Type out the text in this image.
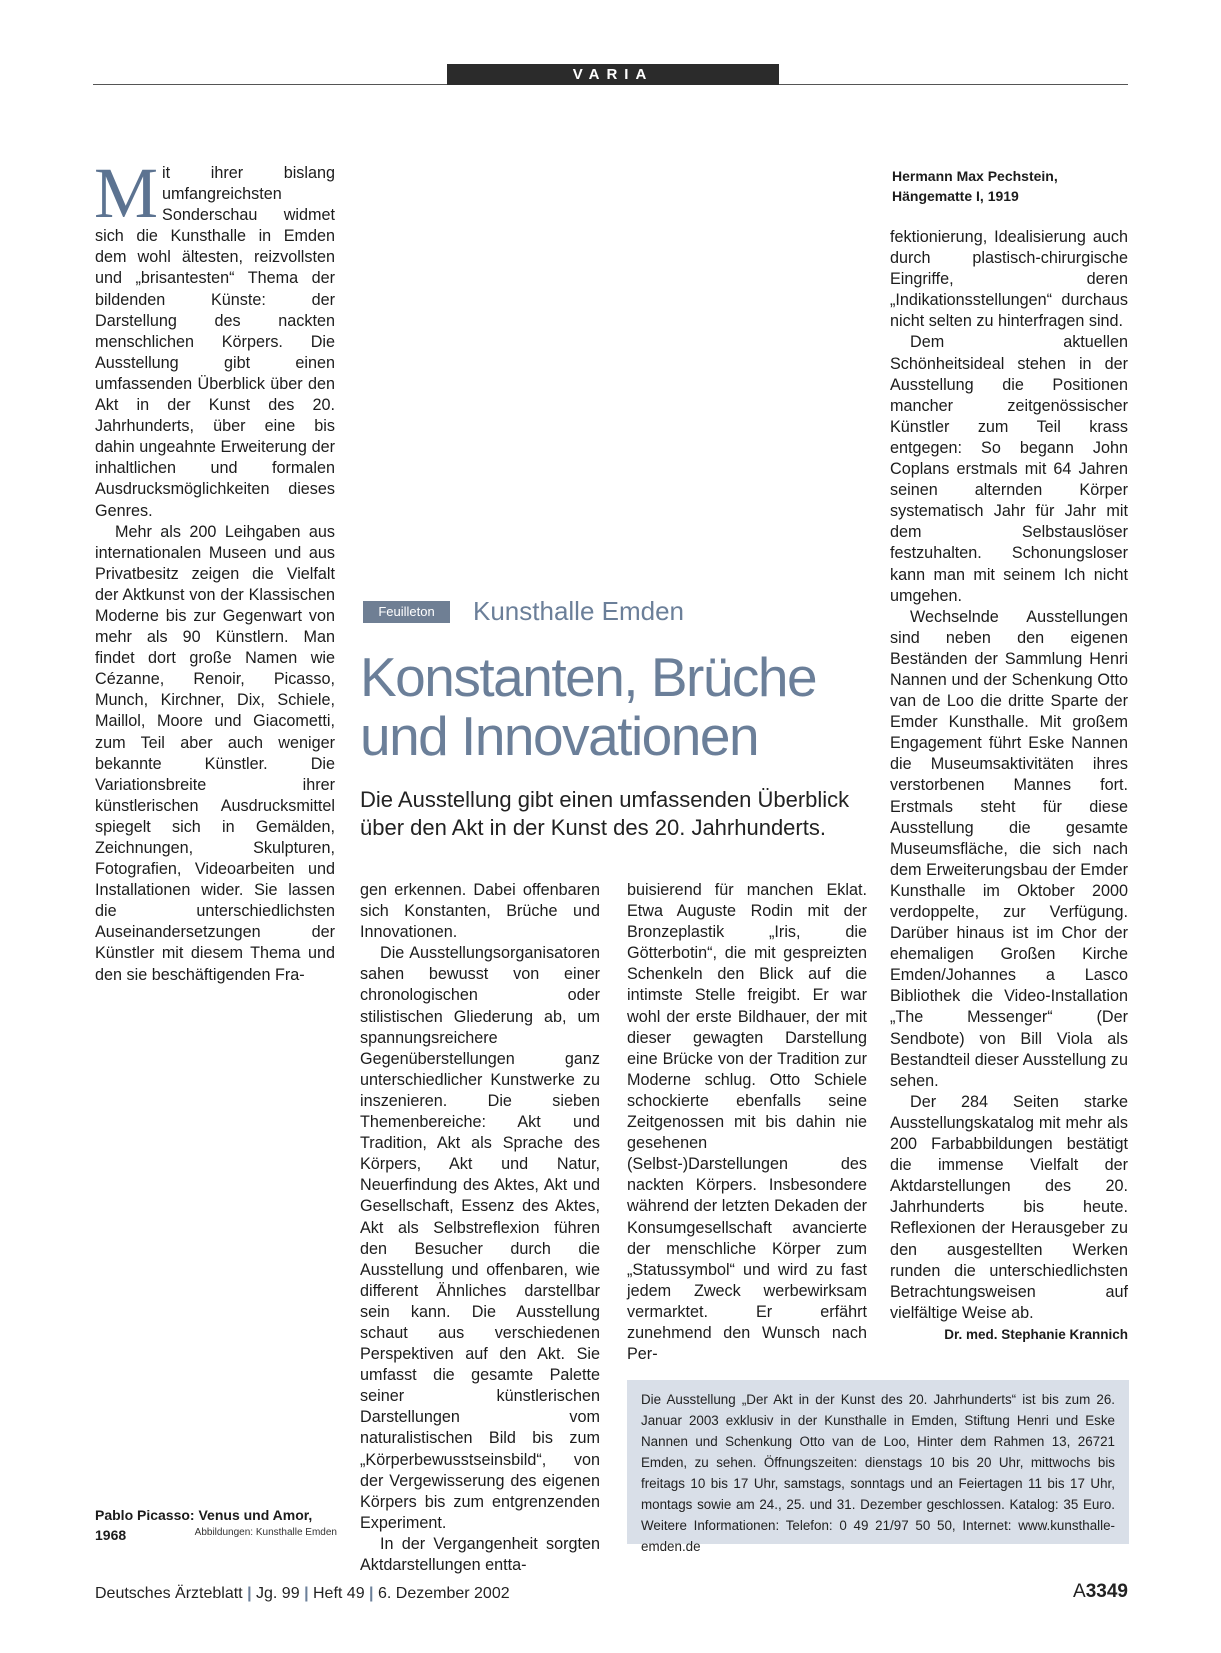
VARIA

Mit ihrer bislang umfangreichsten Sonderschau widmet sich die Kunsthalle in Emden dem wohl ältesten, reizvollsten und „brisantesten“ Thema der bildenden Künste: der Darstellung des nackten menschlichen Körpers. Die Ausstellung gibt einen umfassenden Überblick über den Akt in der Kunst des 20. Jahrhunderts, über eine bis dahin ungeahnte Erweiterung der inhaltlichen und formalen Ausdrucksmöglichkeiten dieses Genres.

Mehr als 200 Leihgaben aus internationalen Museen und aus Privatbesitz zeigen die Vielfalt der Aktkunst von der Klassischen Moderne bis zur Gegenwart von mehr als 90 Künstlern. Man findet dort große Namen wie Cézanne, Renoir, Picasso, Munch, Kirchner, Dix, Schiele, Maillol, Moore und Giacometti, zum Teil aber auch weniger bekannte Künstler. Die Variationsbreite ihrer künstlerischen Ausdrucksmittel spiegelt sich in Gemälden, Zeichnungen, Skulpturen, Fotografien, Videoarbeiten und Installationen wider. Sie lassen die unterschiedlichsten Auseinandersetzungen der Künstler mit diesem Thema und den sie beschäftigenden Fra-

Pablo Picasso: Venus und Amor, 1968	Abbildungen: Kunsthalle Emden
Feuilleton	Kunsthalle Emden
Konstanten, Brüche
und Innovationen
Die Ausstellung gibt einen umfassenden Überblick über den Akt in der Kunst des 20. Jahrhunderts.

gen erkennen. Dabei offenbaren sich Konstanten, Brüche und Innovationen.

Die Ausstellungsorganisatoren sahen bewusst von einer chronologischen oder stilistischen Gliederung ab, um spannungsreichere Gegenüberstellungen ganz unterschiedlicher Kunstwerke zu inszenieren. Die sieben Themenbereiche: Akt und Tradition, Akt als Sprache des Körpers, Akt und Natur, Neuerfindung des Aktes, Akt und Gesellschaft, Essenz des Aktes, Akt als Selbstreflexion führen den Besucher durch die Ausstellung und offenbaren, wie different Ähnliches darstellbar sein kann. Die Ausstellung schaut aus verschiedenen Perspektiven auf den Akt. Sie umfasst die gesamte Palette seiner künstlerischen Darstellungen vom naturalistischen Bild bis zum „Körperbewusstseinsbild“, von der Vergewisserung des eigenen Körpers bis zum entgrenzenden Experiment.

In der Vergangenheit sorgten Aktdarstellungen entta-

buisierend für manchen Eklat. Etwa Auguste Rodin mit der Bronzeplastik „Iris, die Götterbotin“, die mit gespreizten Schenkeln den Blick auf die intimste Stelle freigibt. Er war wohl der erste Bildhauer, der mit dieser gewagten Darstellung eine Brücke von der Tradition zur Moderne schlug. Otto Schiele schockierte ebenfalls seine Zeitgenossen mit bis dahin nie gesehenen (Selbst-)Darstellungen des nackten Körpers. Insbesondere während der letzten Dekaden der Konsumgesellschaft avancierte der menschliche Körper zum „Statussymbol“ und wird zu fast jedem Zweck werbewirksam vermarktet. Er erfährt zunehmend den Wunsch nach Per-

Hermann Max Pechstein, Hängematte I, 1919

fektionierung, Idealisierung auch durch plastisch-chirurgische Eingriffe, deren „Indikationsstellungen“ durchaus nicht selten zu hinterfragen sind.

Dem aktuellen Schönheitsideal stehen in der Ausstellung die Positionen mancher zeitgenössischer Künstler zum Teil krass entgegen: So begann John Coplans erstmals mit 64 Jahren seinen alternden Körper systematisch Jahr für Jahr mit dem Selbstauslöser festzuhalten. Schonungsloser kann man mit seinem Ich nicht umgehen.

Wechselnde Ausstellungen sind neben den eigenen Beständen der Sammlung Henri Nannen und der Schenkung Otto van de Loo die dritte Sparte der Emder Kunsthalle. Mit großem Engagement führt Eske Nannen die Museumsaktivitäten ihres verstorbenen Mannes fort. Erstmals steht für diese Ausstellung die gesamte Museumsfläche, die sich nach dem Erweiterungsbau der Emder Kunsthalle im Oktober 2000 verdoppelte, zur Verfügung. Darüber hinaus ist im Chor der ehemaligen Großen Kirche Emden/Johannes a Lasco Bibliothek die Video-Installation „The Messenger“ (Der Sendbote) von Bill Viola als Bestandteil dieser Ausstellung zu sehen.

Der 284 Seiten starke Ausstellungskatalog mit mehr als 200 Farbabbildungen bestätigt die immense Vielfalt der Aktdarstellungen des 20. Jahrhunderts bis heute. Reflexionen der Herausgeber zu den ausgestellten Werken runden die unterschiedlichsten Betrachtungsweisen auf vielfältige Weise ab.

Dr. med. Stephanie Krannich
Die Ausstellung „Der Akt in der Kunst des 20. Jahrhunderts“ ist bis zum 26. Januar 2003 exklusiv in der Kunsthalle in Emden, Stiftung Henri und Eske Nannen und Schenkung Otto van de Loo, Hinter dem Rahmen 13, 26721 Emden, zu sehen. Öffnungszeiten: dienstags 10 bis 20 Uhr, mittwochs bis freitags 10 bis 17 Uhr, samstags, sonntags und an Feiertagen 11 bis 17 Uhr, montags sowie am 24., 25. und 31. Dezember geschlossen. Katalog: 35 Euro. Weitere Informationen: Telefon: 0 49 21/97 50 50, Internet: www.kunsthalle-emden.de
Deutsches Ärzteblatt | Jg. 99 | Heft 49 | 6. Dezember 2002	A3349
